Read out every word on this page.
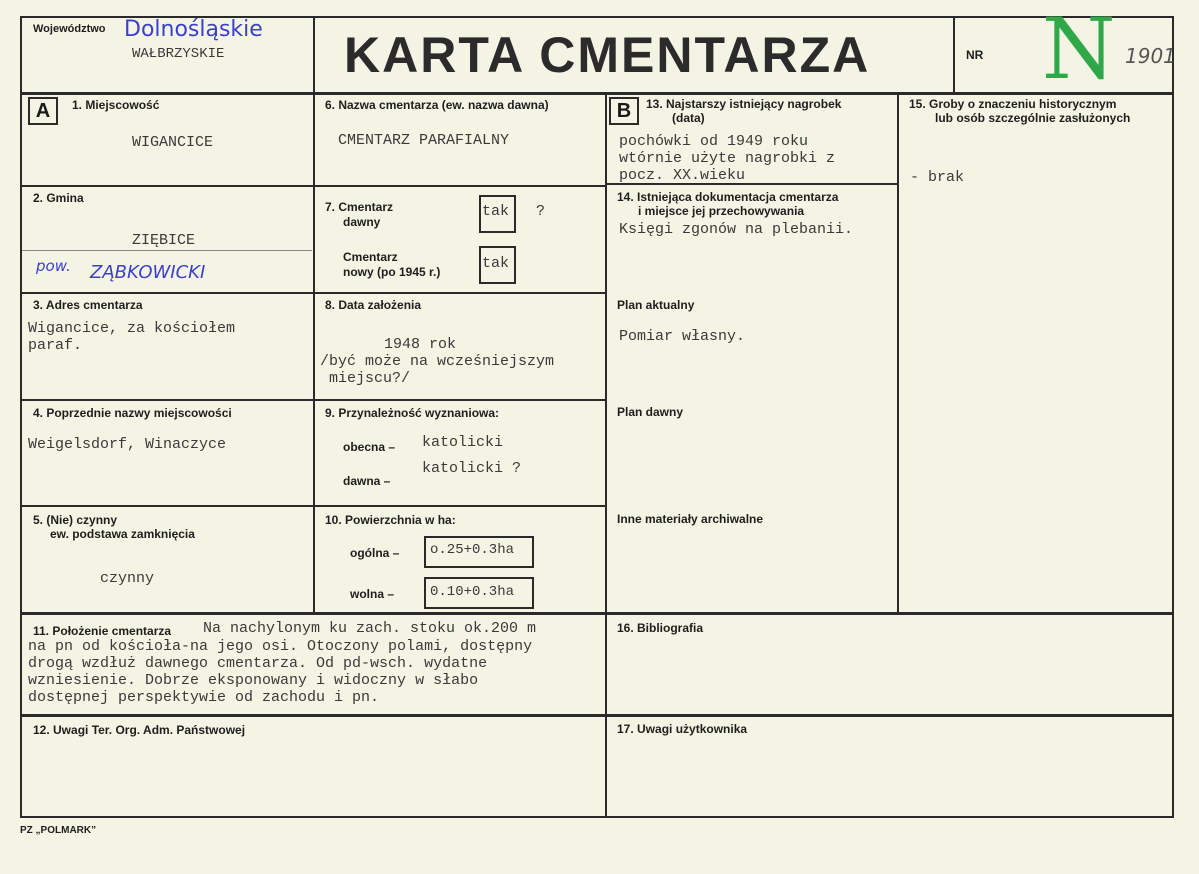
Województwo Dolnośląskie
WAŁBRZYSKIE KARTA CMENTARZA	NR N 1901
A	1. Miejscowość
WIGANCICE
2. Gmina
ZIĘBICE
pow. ZĄBKOWICKI
3. Adres cmentarza
Wigancice, za kościołem
paraf.
4. Poprzednie nazwy miejscowości
Weigelsdorf, Winaczyce
5. (Nie) czynny
ew. podstawa zamknięcia
czynny
6. Nazwa cmentarza (ew. nazwa dawna)
CMENTARZ PARAFIALNY
7. Cmentarz
dawny
tak ?
Cmentarz
nowy (po 1945 r.)	tak
8. Data założenia
1948 rok
/być może na wcześniejszym
miejscu?/
9. Przynależność wyznaniowa:
obecna – katolicki
dawna –
katolicki ?
10. Powierzchnia w ha:
ogólna – o.25+0.3ha
wolna –	0.10+0.3ha
B	13. Najstarszy istniejący nagrobek
(data)
pochówki od 1949 roku
wtórnie użyte nagrobki z
pocz. XX.wieku
14. Istniejąca dokumentacja cmentarza
i miejsce jej przechowywania
Księgi zgonów na plebanii.
Plan aktualny
Pomiar własny.
Plan dawny
Inne materiały archiwalne
15. Groby o znaczeniu historycznym
lub osób szczególnie zasłużonych
- brak
11. Położenie cmentarza Na nachylonym ku zach. stoku ok.200 m
na pn od kościoła-na jego osi. Otoczony polami, dostępny
drogą wzdłuż dawnego cmentarza. Od pd-wsch. wydatne
wzniesienie. Dobrze eksponowany i widoczny w słabo
dostępnej perspektywie od zachodu i pn.
16. Bibliografia
12. Uwagi Ter. Org. Adm. Państwowej	17. Uwagi użytkownika
PZ „POLMARK”
